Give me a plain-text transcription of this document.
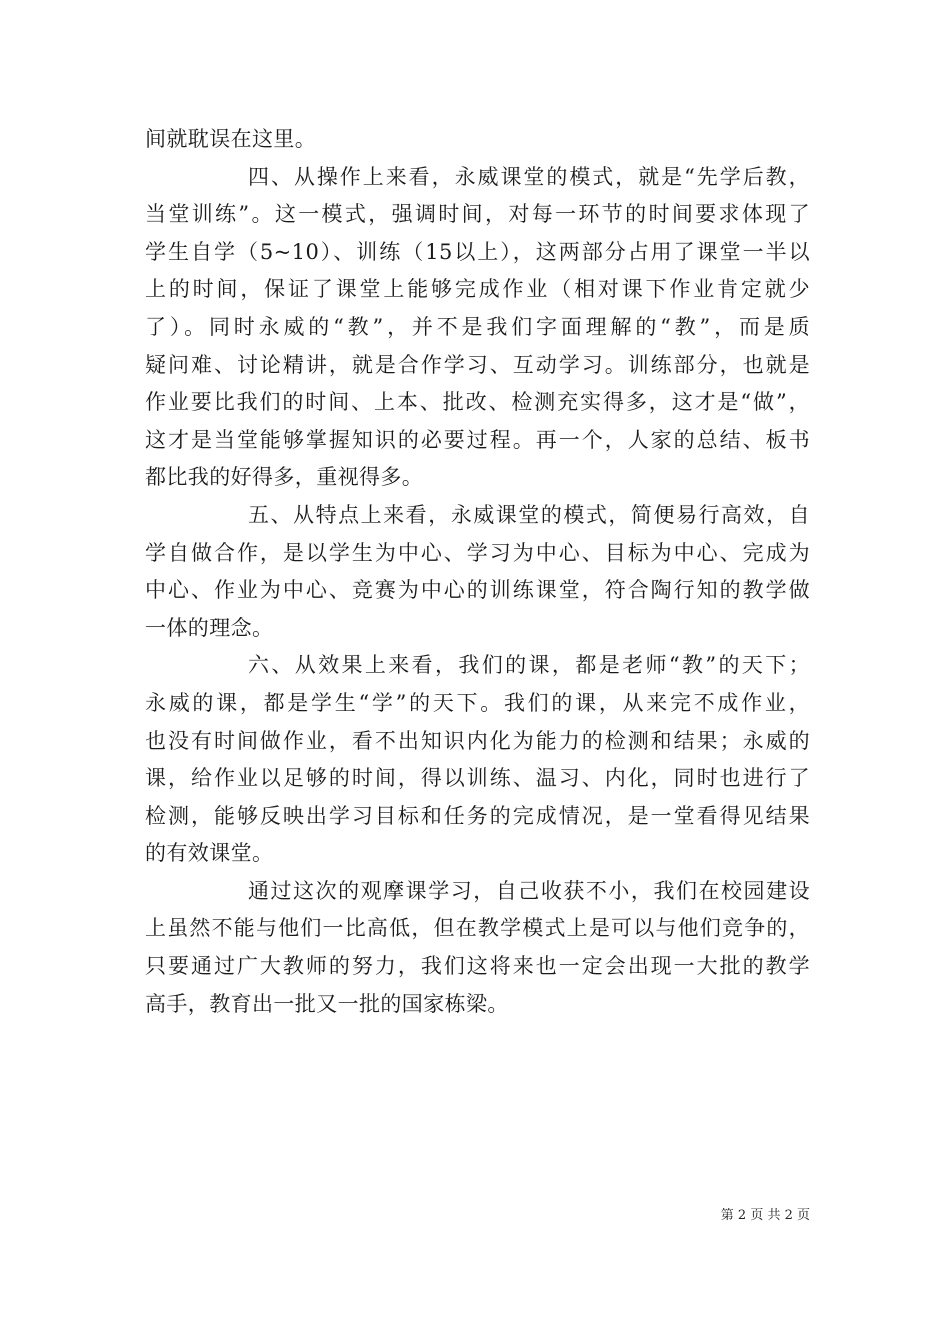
间就耽误在这里。
四、从操作上来看，永威课堂的模式，就是“先学后教，
当堂训练”。这一模式，强调时间，对每一环节的时间要求体现了
学生自学（5~10）、训练（15以上），这两部分占用了课堂一半以
上的时间，保证了课堂上能够完成作业（相对课下作业肯定就少
了）。同时永威的“教”，并不是我们字面理解的“教”，而是质
疑问难、讨论精讲，就是合作学习、互动学习。训练部分，也就是
作业要比我们的时间、上本、批改、检测充实得多，这才是“做”，
这才是当堂能够掌握知识的必要过程。再一个，人家的总结、板书
都比我的好得多，重视得多。
五、从特点上来看，永威课堂的模式，简便易行高效，自
学自做合作，是以学生为中心、学习为中心、目标为中心、完成为
中心、作业为中心、竞赛为中心的训练课堂，符合陶行知的教学做
一体的理念。
六、从效果上来看，我们的课，都是老师“教”的天下；
永威的课，都是学生“学”的天下。我们的课，从来完不成作业，
也没有时间做作业，看不出知识内化为能力的检测和结果；永威的
课，给作业以足够的时间，得以训练、温习、内化，同时也进行了
检测，能够反映出学习目标和任务的完成情况，是一堂看得见结果
的有效课堂。
通过这次的观摩课学习，自己收获不小，我们在校园建设
上虽然不能与他们一比高低，但在教学模式上是可以与他们竞争的，
只要通过广大教师的努力，我们这将来也一定会出现一大批的教学
高手，教育出一批又一批的国家栋梁。
第 2 页 共 2 页
